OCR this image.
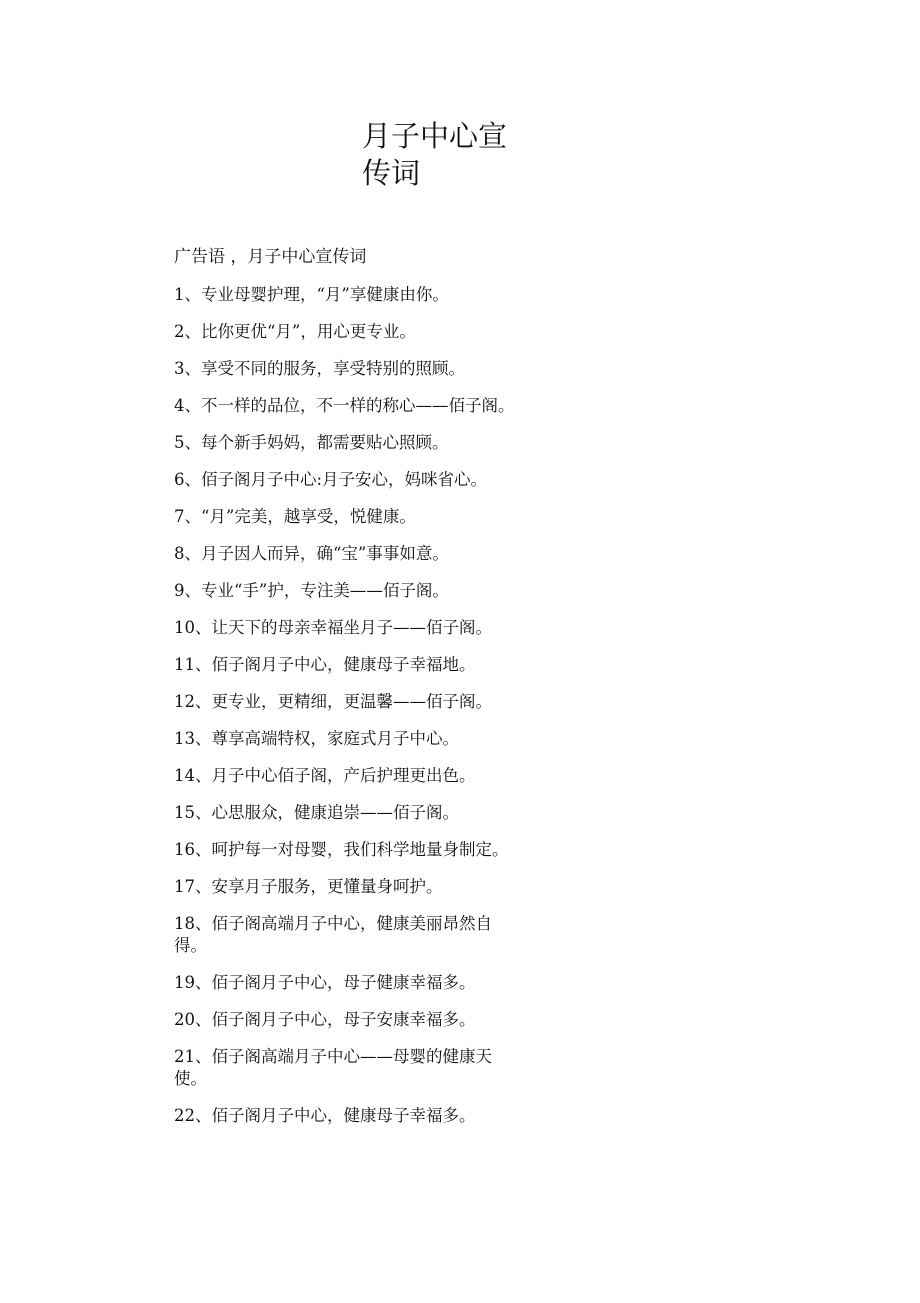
月子中心宣传词

广告语 ，月子中心宣传词

1、专业母婴护理，“月”享健康由你。
2、比你更优“月”，用心更专业。
3、享受不同的服务，享受特别的照顾。
4、不一样的品位，不一样的称心——佰子阁。
5、每个新手妈妈，都需要贴心照顾。
6、佰子阁月子中心:月子安心，妈咪省心。
7、“月”完美，越享受，悦健康。
8、月子因人而异，确“宝”事事如意。
9、专业“手”护，专注美——佰子阁。
10、让天下的母亲幸福坐月子——佰子阁。
11、佰子阁月子中心，健康母子幸福地。
12、更专业，更精细，更温馨——佰子阁。
13、尊享高端特权，家庭式月子中心。
14、月子中心佰子阁，产后护理更出色。
15、心思服众，健康追崇——佰子阁。
16、呵护每一对母婴，我们科学地量身制定。
17、安享月子服务，更懂量身呵护。
18、佰子阁高端月子中心，健康美丽昂然自得。
19、佰子阁月子中心，母子健康幸福多。
20、佰子阁月子中心，母子安康幸福多。
21、佰子阁高端月子中心——母婴的健康天使。
22、佰子阁月子中心，健康母子幸福多。
